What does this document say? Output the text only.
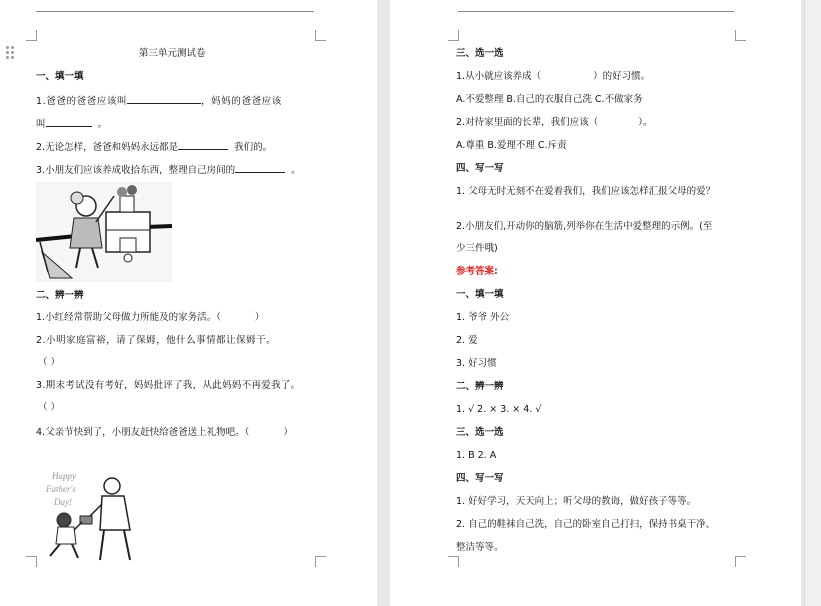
第三单元测试卷
一、填一填
1.爸爸的爸爸应该叫	，妈妈的爸爸应该
叫	。
2.无论怎样，爸爸和妈妈永远都是	我们的。
3.小朋友们应该养成收拾东西，整理自己房间的	。
二、辨一辨
1.小红经常帮助父母做力所能及的家务活。（	）
2.小明家庭富裕，请了保姆，他什么事情都让保姆干。
（ ）
3.期末考试没有考好，妈妈批评了我，从此妈妈不再爱我了。
（ ）
4.父亲节快到了，小朋友赶快给爸爸送上礼物吧。（	）
Happy
Father's
Day!
三、选一选
1.从小就应该养成（	）的好习惯。
A.不爱整理 B.自己的衣服自己洗 C.不做家务
2.对待家里面的长辈，我们应该（	）。
A.尊重 B.爱理不理 C.斥责
四、写一写
1. 父母无时无刻不在爱着我们，我们应该怎样汇报父母的爱？
2.小朋友们,开动你的脑筋,列举你在生活中爱整理的示例。(至
少三件哦)
参考答案:
一、填一填
1. 爷爷 外公
2. 爱
3. 好习惯
二、辨一辨
1. √ 2. × 3. × 4. √
三、选一选
1. B 2. A
四、写一写
1. 好好学习，天天向上；听父母的教诲，做好孩子等等。
2. 自己的鞋袜自己洗，自己的卧室自己打扫，保持书桌干净、
整洁等等。
